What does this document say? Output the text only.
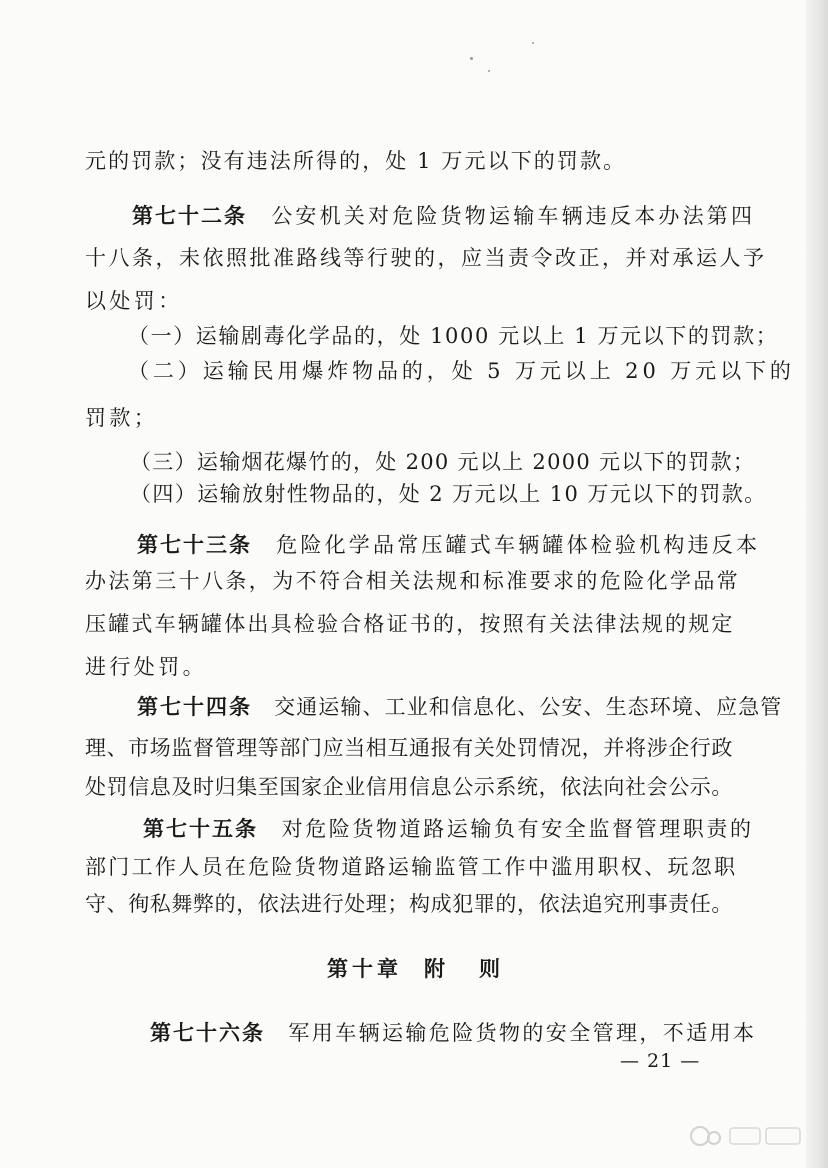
元的罚款；没有违法所得的，处 1 万元以下的罚款。
第七十二条　公安机关对危险货物运输车辆违反本办法第四
十八条，未依照批准路线等行驶的，应当责令改正，并对承运人予
以处罚：
（一）运输剧毒化学品的，处 1000 元以上 1 万元以下的罚款；
（二）运输民用爆炸物品的，处 5 万元以上 20 万元以下的
罚款；
（三）运输烟花爆竹的，处 200 元以上 2000 元以下的罚款；
（四）运输放射性物品的，处 2 万元以上 10 万元以下的罚款。
第七十三条　危险化学品常压罐式车辆罐体检验机构违反本
办法第三十八条，为不符合相关法规和标准要求的危险化学品常
压罐式车辆罐体出具检验合格证书的，按照有关法律法规的规定
进行处罚。
第七十四条　交通运输、工业和信息化、公安、生态环境、应急管
理、市场监督管理等部门应当相互通报有关处罚情况，并将涉企行政
处罚信息及时归集至国家企业信用信息公示系统，依法向社会公示。
第七十五条　对危险货物道路运输负有安全监督管理职责的
部门工作人员在危险货物道路运输监管工作中滥用职权、玩忽职
守、徇私舞弊的，依法进行处理；构成犯罪的，依法追究刑事责任。
第十章 附 则
第七十六条　军用车辆运输危险货物的安全管理，不适用本
— 21 —
